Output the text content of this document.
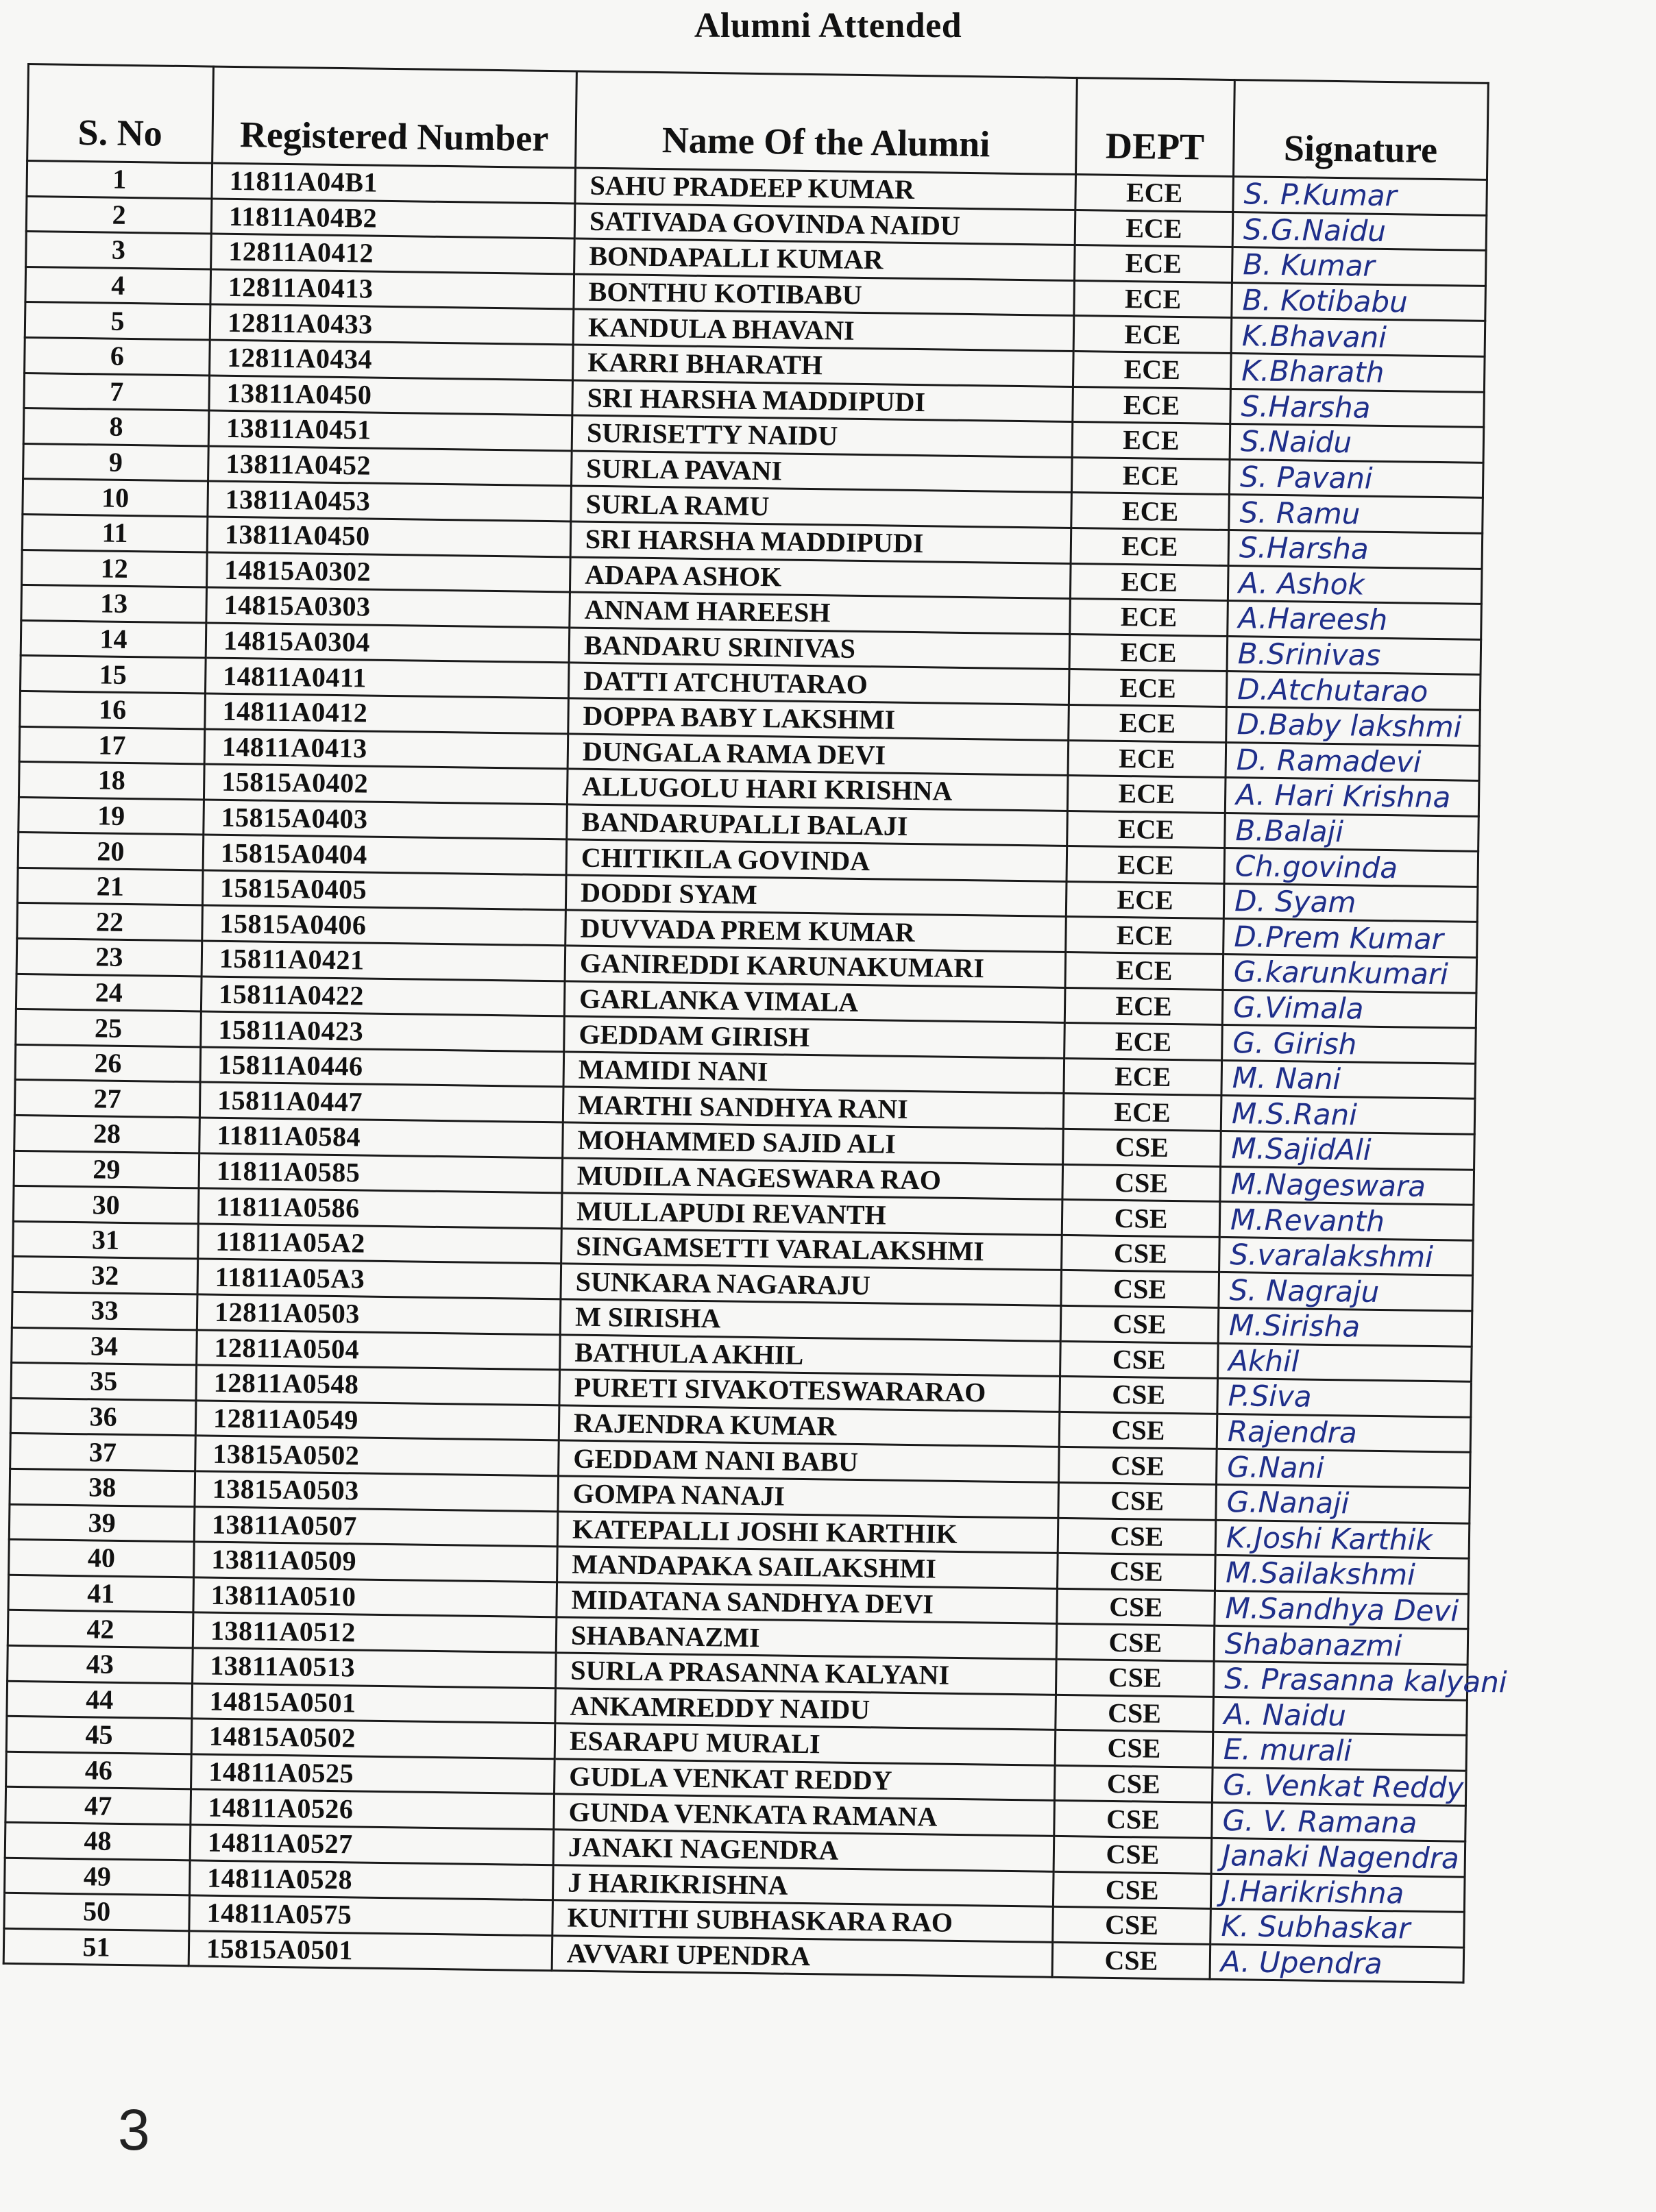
Alumni Attended
S. No	Registered Number	Name Of the Alumni	DEPT	Signature
1	11811A04B1	SAHU PRADEEP KUMAR	ECE	S. P.Kumar
2	11811A04B2	SATIVADA GOVINDA NAIDU	ECE	S.G.Naidu
3	12811A0412	BONDAPALLI KUMAR	ECE	B. Kumar
4	12811A0413	BONTHU KOTIBABU	ECE	B. Kotibabu
5	12811A0433	KANDULA BHAVANI	ECE	K.Bhavani
6	12811A0434	KARRI BHARATH	ECE	K.Bharath
7	13811A0450	SRI HARSHA MADDIPUDI	ECE	S.Harsha
8	13811A0451	SURISETTY NAIDU	ECE	S.Naidu
9	13811A0452	SURLA PAVANI	ECE	S. Pavani
10	13811A0453	SURLA RAMU	ECE	S. Ramu
11	13811A0450	SRI HARSHA MADDIPUDI	ECE	S.Harsha
12	14815A0302	ADAPA ASHOK	ECE	A. Ashok
13	14815A0303	ANNAM HAREESH	ECE	A.Hareesh
14	14815A0304	BANDARU SRINIVAS	ECE	B.Srinivas
15	14811A0411	DATTI ATCHUTARAO	ECE	D.Atchutarao
16	14811A0412	DOPPA BABY LAKSHMI	ECE	D.Baby lakshmi
17	14811A0413	DUNGALA RAMA DEVI	ECE	D. Ramadevi
18	15815A0402	ALLUGOLU HARI KRISHNA	ECE	A. Hari Krishna
19	15815A0403	BANDARUPALLI BALAJI	ECE	B.Balaji
20	15815A0404	CHITIKILA GOVINDA	ECE	Ch.govinda
21	15815A0405	DODDI SYAM	ECE	D. Syam
22	15815A0406	DUVVADA PREM KUMAR	ECE	D.Prem Kumar
23	15811A0421	GANIREDDI KARUNAKUMARI	ECE	G.karunkumari
24	15811A0422	GARLANKA VIMALA	ECE	G.Vimala
25	15811A0423	GEDDAM GIRISH	ECE	G. Girish
26	15811A0446	MAMIDI NANI	ECE	M. Nani
27	15811A0447	MARTHI SANDHYA RANI	ECE	M.S.Rani
28	11811A0584	MOHAMMED SAJID ALI	CSE	M.SajidAli
29	11811A0585	MUDILA NAGESWARA RAO	CSE	M.Nageswara
30	11811A0586	MULLAPUDI REVANTH	CSE	M.Revanth
31	11811A05A2	SINGAMSETTI VARALAKSHMI	CSE	S.varalakshmi
32	11811A05A3	SUNKARA NAGARAJU	CSE	S. Nagraju
33	12811A0503	M SIRISHA	CSE	M.Sirisha
34	12811A0504	BATHULA AKHIL	CSE	Akhil
35	12811A0548	PURETI SIVAKOTESWARARAO	CSE	P.Siva
36	12811A0549	RAJENDRA KUMAR	CSE	Rajendra
37	13815A0502	GEDDAM NANI BABU	CSE	G.Nani
38	13815A0503	GOMPA NANAJI	CSE	G.Nanaji
39	13811A0507	KATEPALLI JOSHI KARTHIK	CSE	K.Joshi Karthik
40	13811A0509	MANDAPAKA SAILAKSHMI	CSE	M.Sailakshmi
41	13811A0510	MIDATANA SANDHYA DEVI	CSE	M.Sandhya Devi
42	13811A0512	SHABANAZMI	CSE	Shabanazmi
43	13811A0513	SURLA PRASANNA KALYANI	CSE	S. Prasanna kalyani
44	14815A0501	ANKAMREDDY NAIDU	CSE	A. Naidu
45	14815A0502	ESARAPU MURALI	CSE	E. murali
46	14811A0525	GUDLA VENKAT REDDY	CSE	G. Venkat Reddy
47	14811A0526	GUNDA VENKATA RAMANA	CSE	G. V. Ramana
48	14811A0527	JANAKI NAGENDRA	CSE	Janaki Nagendra
49	14811A0528	J HARIKRISHNA	CSE	J.Harikrishna
50	14811A0575	KUNITHI SUBHASKARA RAO	CSE	K. Subhaskar
51	15815A0501	AVVARI UPENDRA	CSE	A. Upendra
3
